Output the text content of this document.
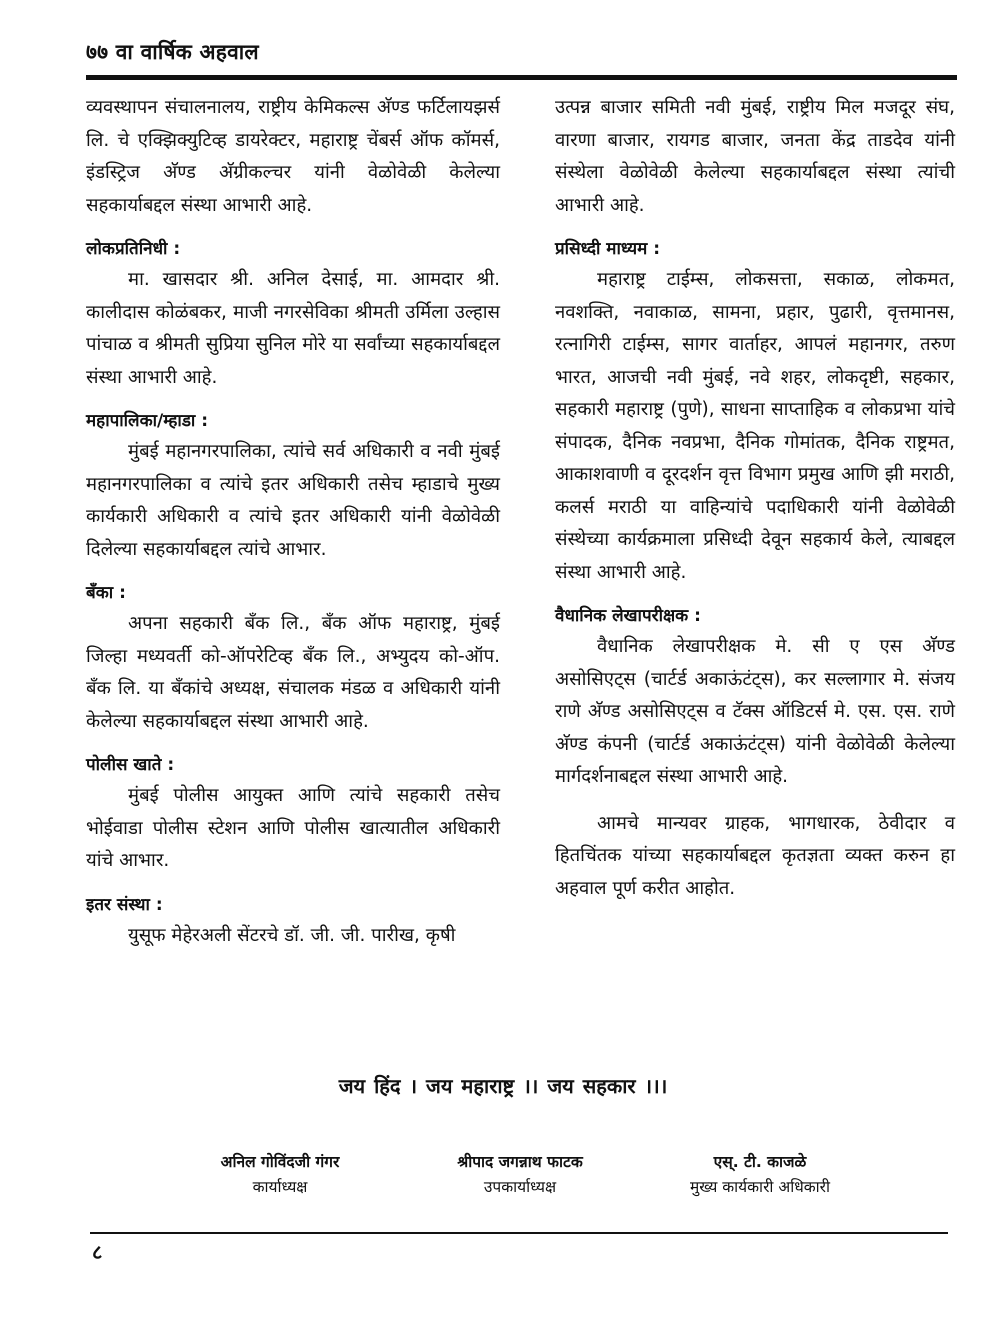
७७ वा वार्षिक अहवाल

व्यवस्थापन संचालनालय, राष्ट्रीय केमिकल्स अ‍ॅण्ड फर्टिलायझर्स लि. चे एक्झिक्युटिव्ह डायरेक्टर, महाराष्ट्र चेंबर्स ऑफ कॉमर्स, इंडस्ट्रिज अ‍ॅण्ड अ‍ॅग्रीकल्चर यांनी वेळोवेळी केलेल्या सहकार्याबद्दल संस्था आभारी आहे.

लोकप्रतिनिधी :

मा. खासदार श्री. अनिल देसाई, मा. आमदार श्री. कालीदास कोळंबकर, माजी नगरसेविका श्रीमती उर्मिला उल्हास पांचाळ व श्रीमती सुप्रिया सुनिल मोरे या सर्वांच्या सहकार्याबद्दल संस्था आभारी आहे.

महापालिका/म्हाडा :

मुंबई महानगरपालिका, त्यांचे सर्व अधिकारी व नवी मुंबई महानगरपालिका व त्यांचे इतर अधिकारी तसेच म्हाडाचे मुख्य कार्यकारी अधिकारी व त्यांचे इतर अधिकारी यांनी वेळोवेळी दिलेल्या सहकार्याबद्दल त्यांचे आभार.

बँका :

अपना सहकारी बँक लि., बँक ऑफ महाराष्ट्र, मुंबई जिल्हा मध्यवर्ती को-ऑपरेटिव्ह बँक लि., अभ्युदय को-ऑप. बँक लि. या बँकांचे अध्यक्ष, संचालक मंडळ व अधिकारी यांनी केलेल्या सहकार्याबद्दल संस्था आभारी आहे.

पोलीस खाते :

मुंबई पोलीस आयुक्त आणि त्यांचे सहकारी तसेच भोईवाडा पोलीस स्टेशन आणि पोलीस खात्यातील अधिकारी यांचे आभार.

इतर संस्था :

युसूफ मेहेरअली सेंटरचे डॉ. जी. जी. पारीख, कृषी

उत्पन्न बाजार समिती नवी मुंबई, राष्ट्रीय मिल मजदूर संघ, वारणा बाजार, रायगड बाजार, जनता केंद्र ताडदेव यांनी संस्थेला वेळोवेळी केलेल्या सहकार्याबद्दल संस्था त्यांची आभारी आहे.

प्रसिध्दी माध्यम :

महाराष्ट्र टाईम्स, लोकसत्ता, सकाळ, लोकमत, नवशक्ति, नवाकाळ, सामना, प्रहार, पुढारी, वृत्तमानस, रत्नागिरी टाईम्स, सागर वार्ताहर, आपलं महानगर, तरुण भारत, आजची नवी मुंबई, नवे शहर, लोकदृष्टी, सहकार, सहकारी महाराष्ट्र (पुणे), साधना साप्ताहिक व लोकप्रभा यांचे संपादक, दैनिक नवप्रभा, दैनिक गोमांतक, दैनिक राष्ट्रमत, आकाशवाणी व दूरदर्शन वृत्त विभाग प्रमुख आणि झी मराठी, कलर्स मराठी या वाहिन्यांचे पदाधिकारी यांनी वेळोवेळी संस्थेच्या कार्यक्रमाला प्रसिध्दी देवून सहकार्य केले, त्याबद्दल संस्था आभारी आहे.

वैधानिक लेखापरीक्षक :

वैधानिक लेखापरीक्षक मे. सी ए एस अ‍ॅण्ड असोसिएट्स (चार्टर्ड अकाऊंटंट्स), कर सल्लागार मे. संजय राणे अ‍ॅण्ड असोसिएट्स व टॅक्स ऑडिटर्स मे. एस. एस. राणे अ‍ॅण्ड कंपनी (चार्टर्ड अकाऊंटंट्स) यांनी वेळोवेळी केलेल्या मार्गदर्शनाबद्दल संस्था आभारी आहे.

आमचे मान्यवर ग्राहक, भागधारक, ठेवीदार व हितचिंतक यांच्या सहकार्याबद्दल कृतज्ञता व्यक्त करुन हा अहवाल पूर्ण करीत आहोत.

जय हिंद । जय महाराष्ट्र ।। जय सहकार ।।।
अनिल गोविंदजी गंगर
कार्याध्यक्ष
श्रीपाद जगन्नाथ फाटक
उपकार्याध्यक्ष
एस्. टी. काजळे
मुख्य कार्यकारी अधिकारी
८
